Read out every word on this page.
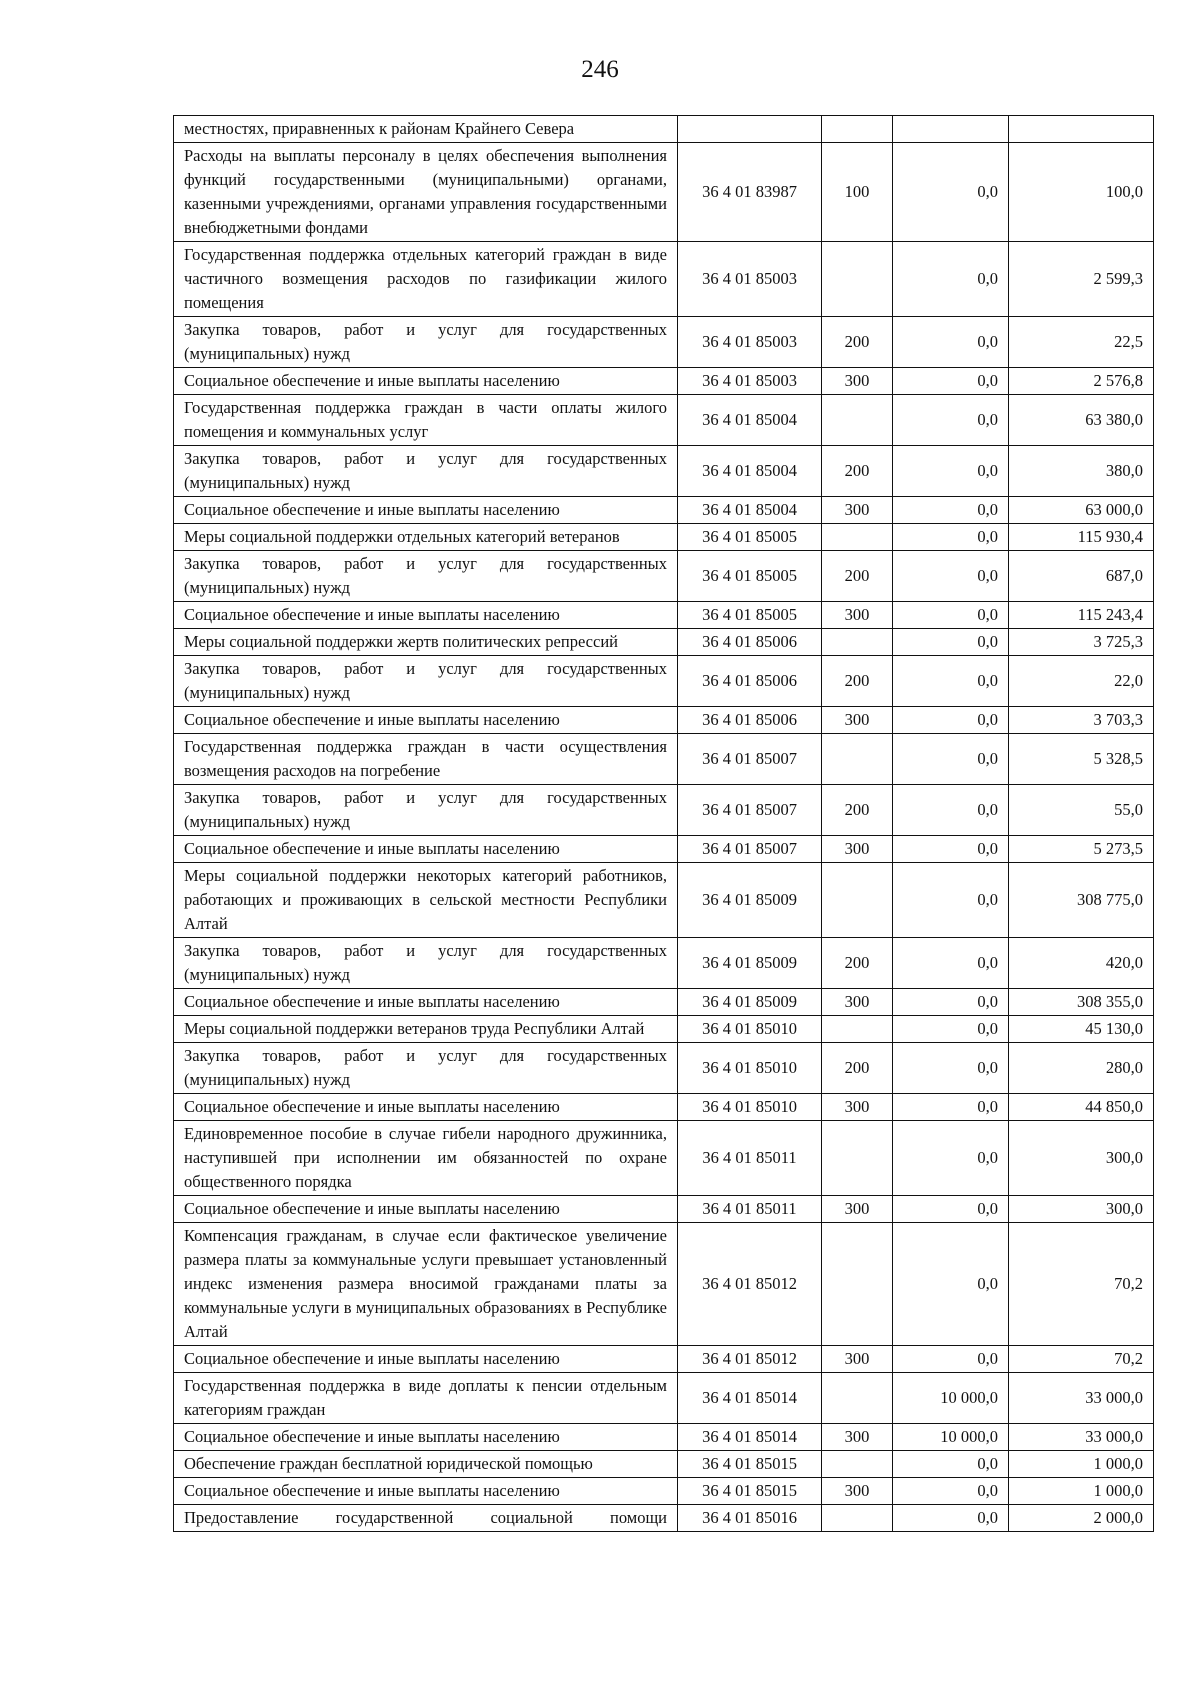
246
местностях, приравненных к районам Крайнего Севера				
Расходы на выплаты персоналу в целях обеспечения выполнения функций государственными (муниципальными) органами, казенными учреждениями, органами управления государственными внебюджетными фондами	36 4 01 83987	100	0,0	100,0
Государственная поддержка отдельных категорий граждан в виде частичного возмещения расходов по газификации жилого помещения	36 4 01 85003		0,0	2 599,3
Закупка товаров, работ и услуг для государственных (муниципальных) нужд	36 4 01 85003	200	0,0	22,5
Социальное обеспечение и иные выплаты населению	36 4 01 85003	300	0,0	2 576,8
Государственная поддержка граждан в части оплаты жилого помещения и коммунальных услуг	36 4 01 85004		0,0	63 380,0
Закупка товаров, работ и услуг для государственных (муниципальных) нужд	36 4 01 85004	200	0,0	380,0
Социальное обеспечение и иные выплаты населению	36 4 01 85004	300	0,0	63 000,0
Меры социальной поддержки отдельных категорий ветеранов	36 4 01 85005		0,0	115 930,4
Закупка товаров, работ и услуг для государственных (муниципальных) нужд	36 4 01 85005	200	0,0	687,0
Социальное обеспечение и иные выплаты населению	36 4 01 85005	300	0,0	115 243,4
Меры социальной поддержки жертв политических репрессий	36 4 01 85006		0,0	3 725,3
Закупка товаров, работ и услуг для государственных (муниципальных) нужд	36 4 01 85006	200	0,0	22,0
Социальное обеспечение и иные выплаты населению	36 4 01 85006	300	0,0	3 703,3
Государственная поддержка граждан в части осуществления возмещения расходов на погребение	36 4 01 85007		0,0	5 328,5
Закупка товаров, работ и услуг для государственных (муниципальных) нужд	36 4 01 85007	200	0,0	55,0
Социальное обеспечение и иные выплаты населению	36 4 01 85007	300	0,0	5 273,5
Меры социальной поддержки некоторых категорий работников, работающих и проживающих в сельской местности Республики Алтай	36 4 01 85009		0,0	308 775,0
Закупка товаров, работ и услуг для государственных (муниципальных) нужд	36 4 01 85009	200	0,0	420,0
Социальное обеспечение и иные выплаты населению	36 4 01 85009	300	0,0	308 355,0
Меры социальной поддержки ветеранов труда Республики Алтай	36 4 01 85010		0,0	45 130,0
Закупка товаров, работ и услуг для государственных (муниципальных) нужд	36 4 01 85010	200	0,0	280,0
Социальное обеспечение и иные выплаты населению	36 4 01 85010	300	0,0	44 850,0
Единовременное пособие в случае гибели народного дружинника, наступившей при исполнении им обязанностей по охране общественного порядка	36 4 01 85011		0,0	300,0
Социальное обеспечение и иные выплаты населению	36 4 01 85011	300	0,0	300,0
Компенсация гражданам, в случае если фактическое увеличение размера платы за коммунальные услуги превышает установленный индекс изменения размера вносимой гражданами платы за коммунальные услуги в муниципальных образованиях в Республике Алтай	36 4 01 85012		0,0	70,2
Социальное обеспечение и иные выплаты населению	36 4 01 85012	300	0,0	70,2
Государственная поддержка в виде доплаты к пенсии отдельным категориям граждан	36 4 01 85014		10 000,0	33 000,0
Социальное обеспечение и иные выплаты населению	36 4 01 85014	300	10 000,0	33 000,0
Обеспечение граждан бесплатной юридической помощью	36 4 01 85015		0,0	1 000,0
Социальное обеспечение и иные выплаты населению	36 4 01 85015	300	0,0	1 000,0
Предоставление государственной социальной помощи	36 4 01 85016		0,0	2 000,0
